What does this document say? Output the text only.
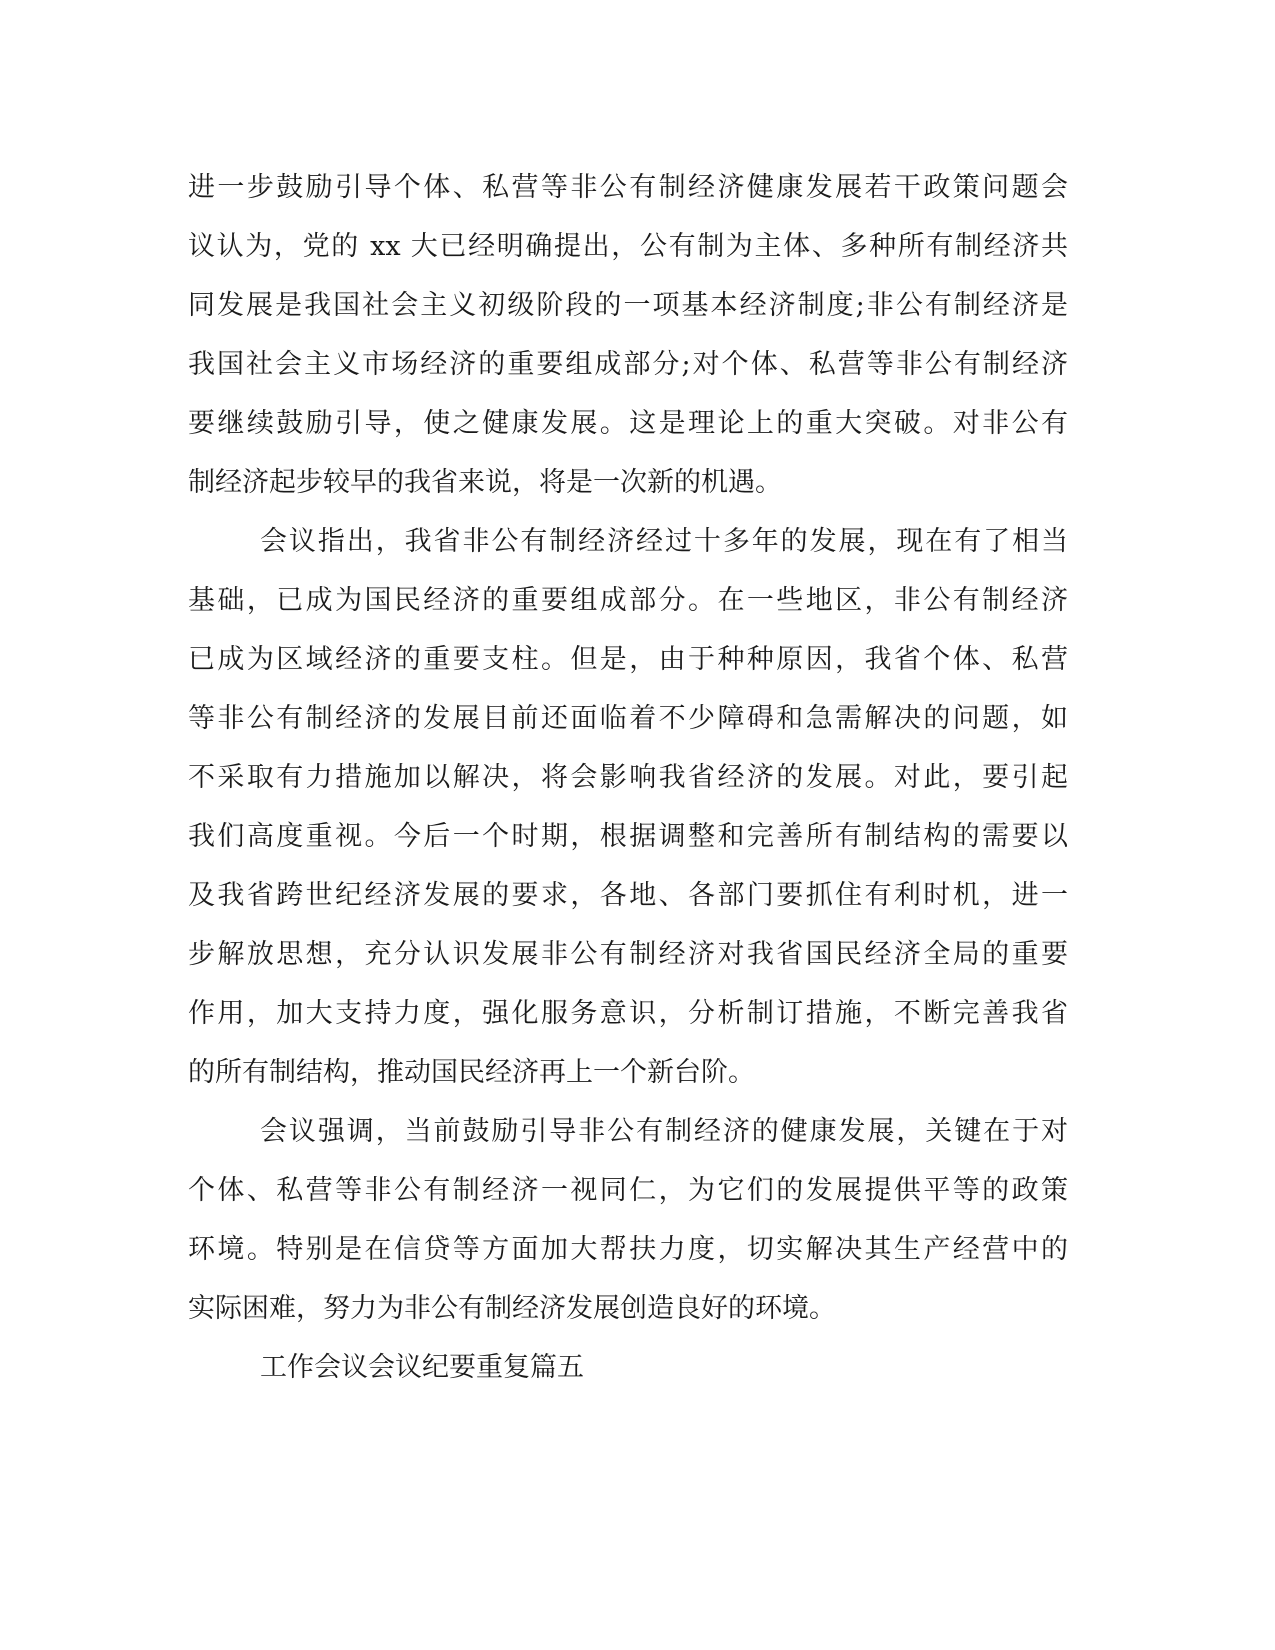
进一步鼓励引导个体、私营等非公有制经济健康发展若干政策问题会
议认为，党的 xx 大已经明确提出，公有制为主体、多种所有制经济共
同发展是我国社会主义初级阶段的一项基本经济制度;非公有制经济是
我国社会主义市场经济的重要组成部分;对个体、私营等非公有制经济
要继续鼓励引导，使之健康发展。这是理论上的重大突破。对非公有
制经济起步较早的我省来说，将是一次新的机遇。
会议指出，我省非公有制经济经过十多年的发展，现在有了相当
基础，已成为国民经济的重要组成部分。在一些地区，非公有制经济
已成为区域经济的重要支柱。但是，由于种种原因，我省个体、私营
等非公有制经济的发展目前还面临着不少障碍和急需解决的问题，如
不采取有力措施加以解决，将会影响我省经济的发展。对此，要引起
我们高度重视。今后一个时期，根据调整和完善所有制结构的需要以
及我省跨世纪经济发展的要求，各地、各部门要抓住有利时机，进一
步解放思想，充分认识发展非公有制经济对我省国民经济全局的重要
作用，加大支持力度，强化服务意识，分析制订措施，不断完善我省
的所有制结构，推动国民经济再上一个新台阶。
会议强调，当前鼓励引导非公有制经济的健康发展，关键在于对
个体、私营等非公有制经济一视同仁，为它们的发展提供平等的政策
环境。特别是在信贷等方面加大帮扶力度，切实解决其生产经营中的
实际困难，努力为非公有制经济发展创造良好的环境。
工作会议会议纪要重复篇五
